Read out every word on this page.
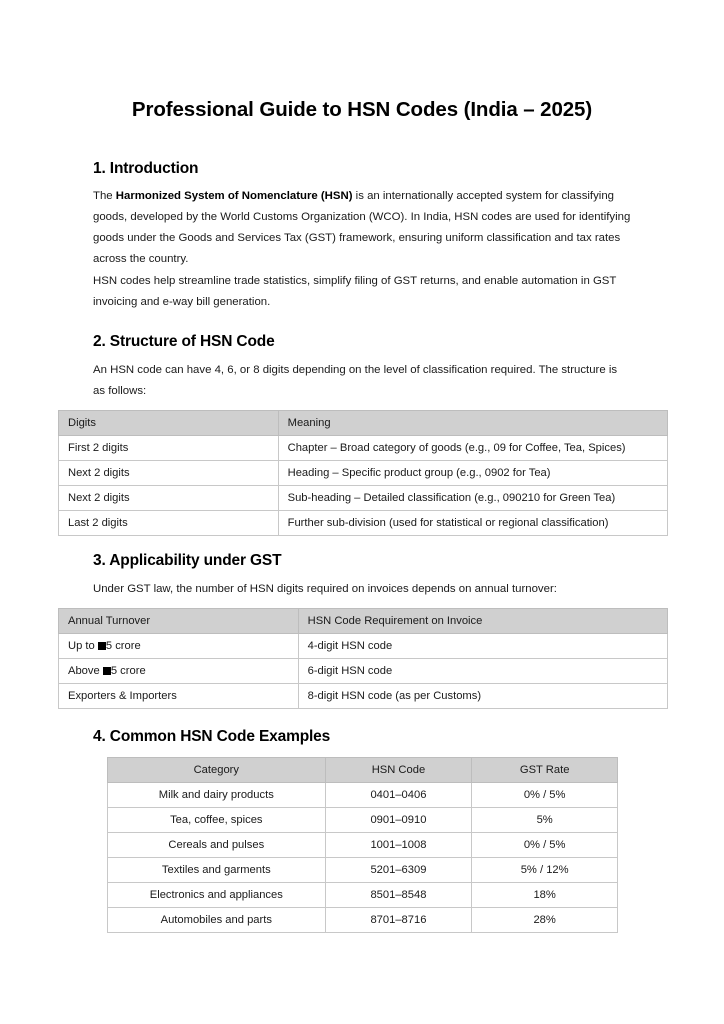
Professional Guide to HSN Codes (India – 2025)
1. Introduction

The Harmonized System of Nomenclature (HSN) is an internationally accepted system for classifying goods, developed by the World Customs Organization (WCO). In India, HSN codes are used for identifying goods under the Goods and Services Tax (GST) framework, ensuring uniform classification and tax rates across the country.

HSN codes help streamline trade statistics, simplify filing of GST returns, and enable automation in GST invoicing and e-way bill generation.

2. Structure of HSN Code

An HSN code can have 4, 6, or 8 digits depending on the level of classification required. The structure is as follows:

Digits	Meaning
First 2 digits	Chapter – Broad category of goods (e.g., 09 for Coffee, Tea, Spices)
Next 2 digits	Heading – Specific product group (e.g., 0902 for Tea)
Next 2 digits	Sub-heading – Detailed classification (e.g., 090210 for Green Tea)
Last 2 digits	Further sub-division (used for statistical or regional classification)
3. Applicability under GST

Under GST law, the number of HSN digits required on invoices depends on annual turnover:

Annual Turnover	HSN Code Requirement on Invoice
Up to 5 crore	4-digit HSN code
Above 5 crore	6-digit HSN code
Exporters & Importers	8-digit HSN code (as per Customs)
4. Common HSN Code Examples
Category	HSN Code	GST Rate
Milk and dairy products	0401–0406	0% / 5%
Tea, coffee, spices	0901–0910	5%
Cereals and pulses	1001–1008	0% / 5%
Textiles and garments	5201–6309	5% / 12%
Electronics and appliances	8501–8548	18%
Automobiles and parts	8701–8716	28%
